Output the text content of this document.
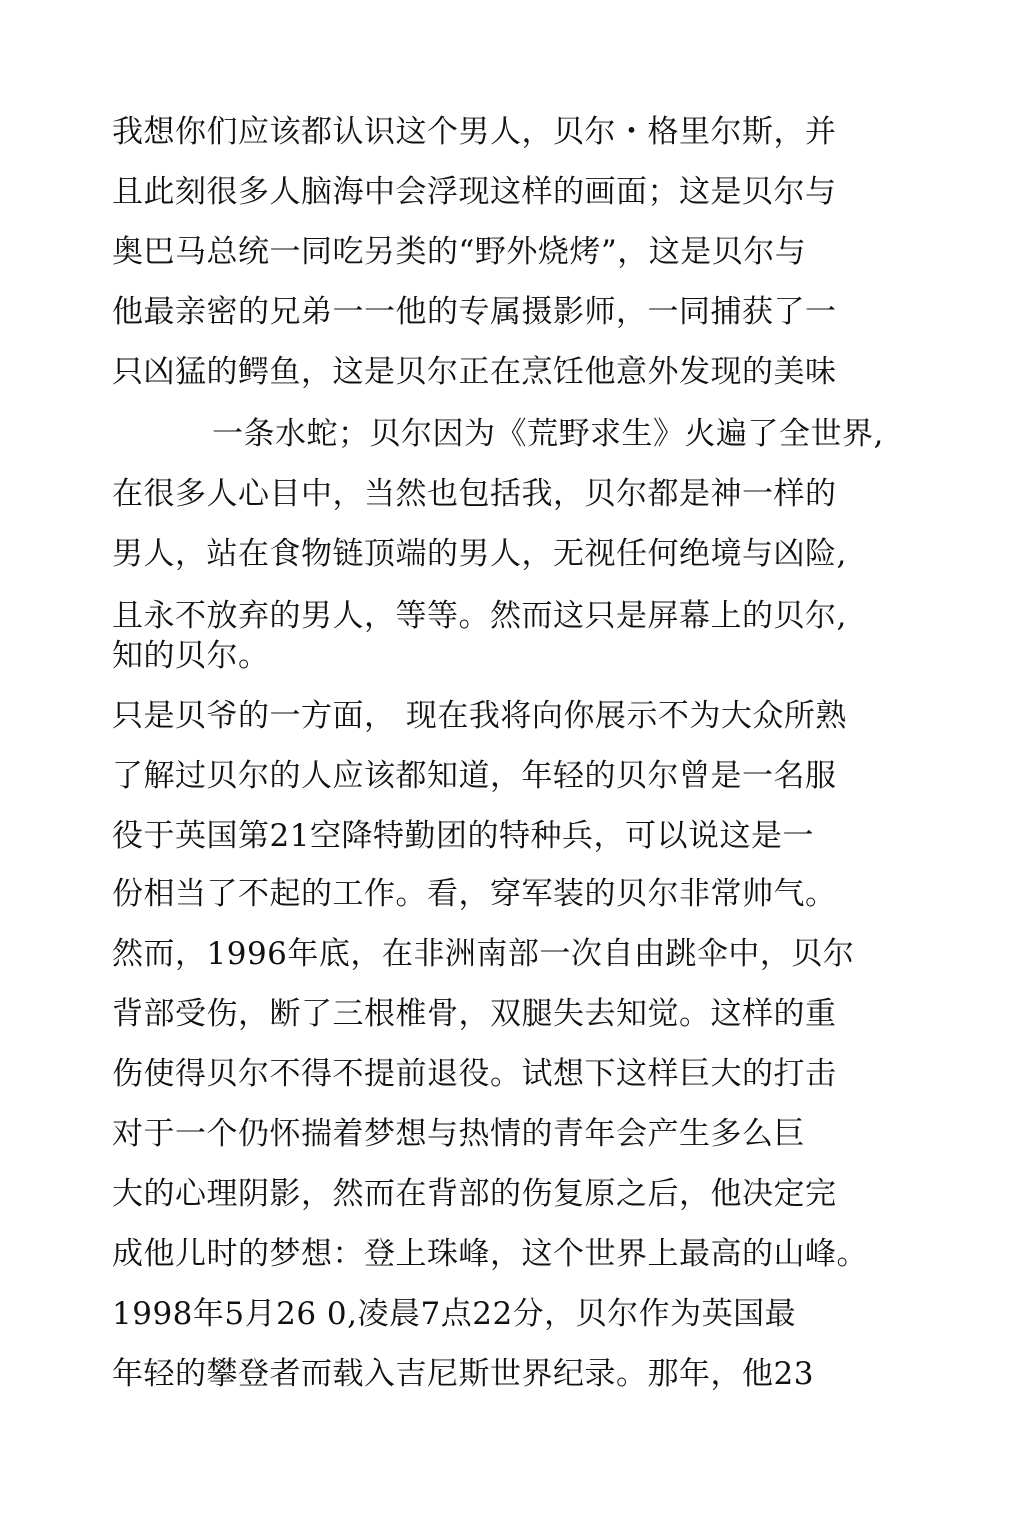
我想你们应该都认识这个男人，贝尔・格里尔斯，并
且此刻很多人脑海中会浮现这样的画面；这是贝尔与
奥巴马总统一同吃另类的“野外烧烤”，这是贝尔与
他最亲密的兄弟一一他的专属摄影师，一同捕获了一
只凶猛的鳄鱼，这是贝尔正在烹饪他意外发现的美味
一条水蛇；贝尔因为《荒野求生》火遍了全世界,
在很多人心目中，当然也包括我，贝尔都是神一样的
男人，站在食物链顶端的男人，无视任何绝境与凶险,
且永不放弃的男人，等等。然而这只是屏幕上的贝尔,
知的贝尔。
只是贝爷的一方面， 现在我将向你展示不为大众所熟
了解过贝尔的人应该都知道，年轻的贝尔曾是一名服
役于英国第21空降特勤团的特种兵，可以说这是一
份相当了不起的工作。看，穿军装的贝尔非常帅气。
然而，1996年底，在非洲南部一次自由跳伞中，贝尔
背部受伤，断了三根椎骨，双腿失去知觉。这样的重
伤使得贝尔不得不提前退役。试想下这样巨大的打击
对于一个仍怀揣着梦想与热情的青年会产生多么巨
大的心理阴影，然而在背部的伤复原之后，他决定完
成他儿时的梦想：登上珠峰，这个世界上最高的山峰。
1998年5月26 0,凌晨7点22分，贝尔作为英国最
年轻的攀登者而载入吉尼斯世界纪录。那年，他23
